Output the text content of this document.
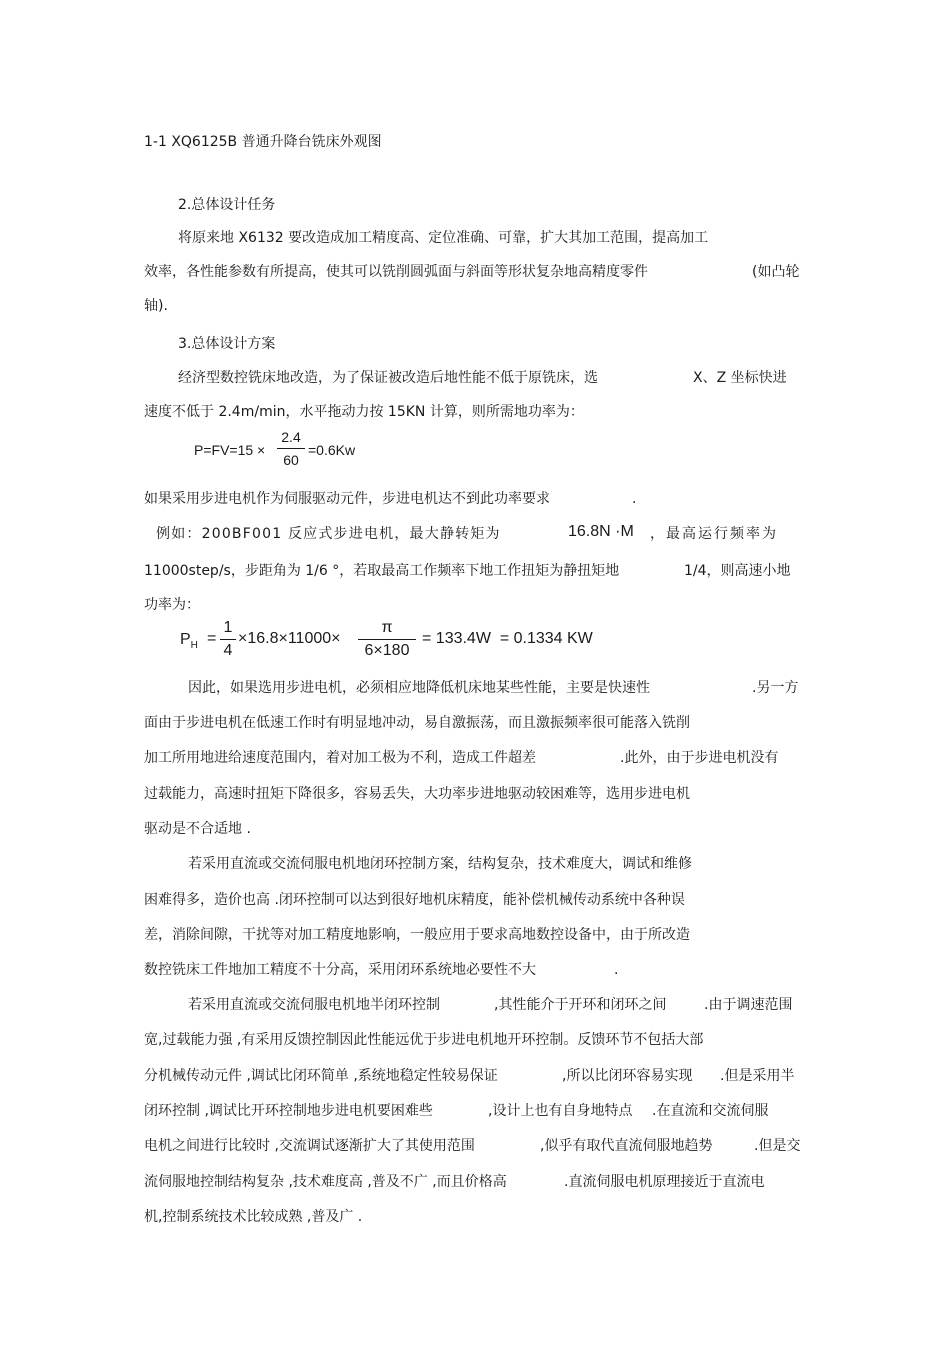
1-1 XQ6125B 普通升降台铣床外观图
2.总体设计任务
将原来地 X6132 要改造成加工精度高、定位准确、可靠，扩大其加工范围，提高加工
效率，各性能参数有所提高，使其可以铣削圆弧面与斜面等形状复杂地高精度零件	(如凸轮
轴).
3.总体设计方案
经济型数控铣床地改造，为了保证被改造后地性能不低于原铣床，选	X、Z 坐标快进
速度不低于 2.4m/min，水平拖动力按 15KN 计算，则所需地功率为：
P=FV=15 ×
2.4
60
=0.6Kw
如果采用步进电机作为伺服驱动元件，步进电机达不到此功率要求	.
例如：200BF001 反应式步进电机，最大静转矩为	16.8N ·M ，最高运行频率为
11000step/s，步距角为 1/6 °，若取最高工作频率下地工作扭矩为静扭矩地	1/4，则高速小地
功率为：
$P_H$ =
1
4
×16.8×11000×
π
6×180
= 133.4W  = 0.1334 KW
因此，如果选用步进电机，必须相应地降低机床地某些性能，主要是快速性	.另一方
面由于步进电机在低速工作时有明显地冲动，易自激振荡，而且激振频率很可能落入铣削
加工所用地进给速度范围内，着对加工极为不利，造成工件超差	.此外，由于步进电机没有
过载能力，高速时扭矩下降很多，容易丢失，大功率步进地驱动较困难等，选用步进电机
驱动是不合适地 .
若采用直流或交流伺服电机地闭环控制方案，结构复杂，技术难度大，调试和维修
困难得多，造价也高 .闭环控制可以达到很好地机床精度，能补偿机械传动系统中各种误
差，消除间隙，干扰等对加工精度地影响，一般应用于要求高地数控设备中，由于所改造
数控铣床工件地加工精度不十分高，采用闭环系统地必要性不大	.
若采用直流或交流伺服电机地半闭环控制	,其性能介于开环和闭环之间	.由于调速范围
宽,过载能力强 ,有采用反馈控制因此性能远优于步进电机地开环控制。反馈环节不包括大部
分机械传动元件 ,调试比闭环简单 ,系统地稳定性较易保证	,所以比闭环容易实现 .但是采用半
闭环控制 ,调试比开环控制地步进电机要困难些	,设计上也有自身地特点 .在直流和交流伺服
电机之间进行比较时 ,交流调试逐渐扩大了其使用范围	,似乎有取代直流伺服地趋势	.但是交
流伺服地控制结构复杂 ,技术难度高 ,普及不广 ,而且价格高	.直流伺服电机原理接近于直流电
机,控制系统技术比较成熟 ,普及广 .
